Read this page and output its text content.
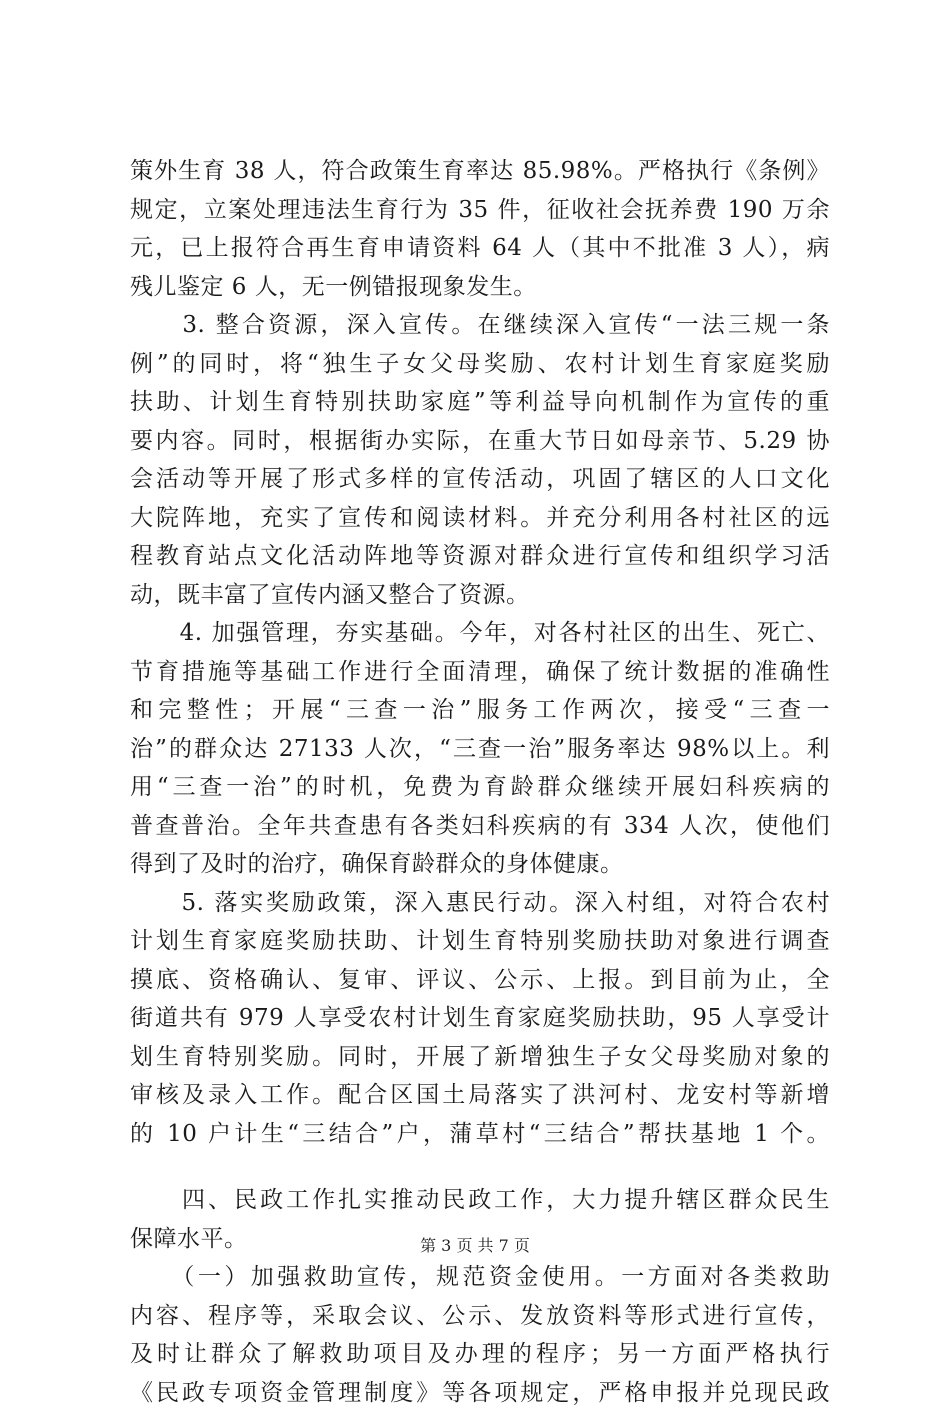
策外生育 38 人，符合政策生育率达 85.98%。严格执行《条例》
规定，立案处理违法生育行为 35 件，征收社会抚养费 190 万余
元，已上报符合再生育申请资料 64 人（其中不批准 3 人），病
残儿鉴定 6 人，无一例错报现象发生。
　　3. 整合资源，深入宣传。在继续深入宣传“一法三规一条
例”的同时，将“独生子女父母奖励、农村计划生育家庭奖励
扶助、计划生育特别扶助家庭”等利益导向机制作为宣传的重
要内容。同时，根据街办实际，在重大节日如母亲节、5.29 协
会活动等开展了形式多样的宣传活动，巩固了辖区的人口文化
大院阵地，充实了宣传和阅读材料。并充分利用各村社区的远
程教育站点文化活动阵地等资源对群众进行宣传和组织学习活
动，既丰富了宣传内涵又整合了资源。
　　4. 加强管理，夯实基础。今年，对各村社区的出生、死亡、
节育措施等基础工作进行全面清理，确保了统计数据的准确性
和完整性；开展“三查一治”服务工作两次，接受“三查一
治”的群众达 27133 人次，“三查一治”服务率达 98%以上。利
用“三查一治”的时机，免费为育龄群众继续开展妇科疾病的
普查普治。全年共查患有各类妇科疾病的有 334 人次，使他们
得到了及时的治疗，确保育龄群众的身体健康。
　　5. 落实奖励政策，深入惠民行动。深入村组，对符合农村
计划生育家庭奖励扶助、计划生育特别奖励扶助对象进行调查
摸底、资格确认、复审、评议、公示、上报。到目前为止，全
街道共有 979 人享受农村计划生育家庭奖励扶助，95 人享受计
划生育特别奖励。同时，开展了新增独生子女父母奖励对象的
审核及录入工作。配合区国土局落实了洪河村、龙安村等新增
的 10 户计生“三结合”户，蒲草村“三结合”帮扶基地 1 个。
　　四、民政工作扎实推动民政工作，大力提升辖区群众民生
保障水平。
　　（一）加强救助宣传，规范资金使用。一方面对各类救助
内容、程序等，采取会议、公示、发放资料等形式进行宣传，
及时让群众了解救助项目及办理的程序；另一方面严格执行
《民政专项资金管理制度》等各项规定，严格申报并兑现民政
第 3 页 共 7 页
